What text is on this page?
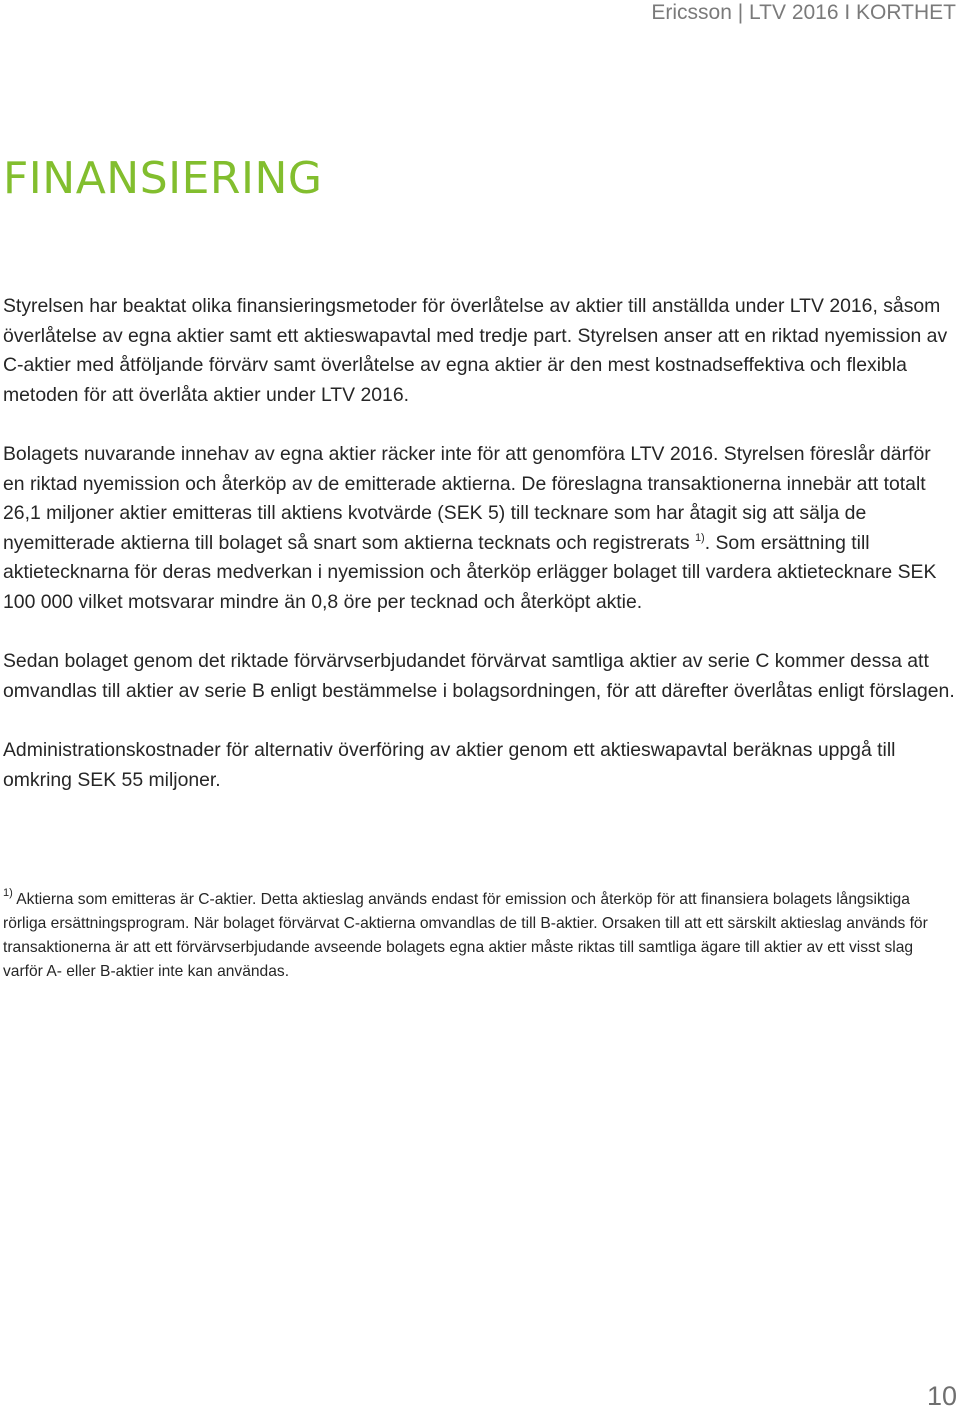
Ericsson | LTV 2016 I KORTHET
FINANSIERING

Styrelsen har beaktat olika finansieringsmetoder för överlåtelse av aktier till anställda under LTV 2016, såsom överlåtelse av egna aktier samt ett aktieswapavtal med tredje part. Styrelsen anser att en riktad nyemission av C-aktier med åtföljande förvärv samt överlåtelse av egna aktier är den mest kostnadseffektiva och flexibla metoden för att överlåta aktier under LTV 2016.

Bolagets nuvarande innehav av egna aktier räcker inte för att genomföra LTV 2016. Styrelsen föreslår därför en riktad nyemission och återköp av de emitterade aktierna. De föreslagna transaktionerna innebär att totalt 26,1 miljoner aktier emitteras till aktiens kvotvärde (SEK 5) till tecknare som har åtagit sig att sälja de nyemitterade aktierna till bolaget så snart som aktierna tecknats och registrerats $^{1)}$. Som ersättning till aktietecknarna för deras medverkan i nyemission och återköp erlägger bolaget till vardera aktietecknare SEK 100 000 vilket motsvarar mindre än 0,8 öre per tecknad och återköpt aktie.

Sedan bolaget genom det riktade förvärvserbjudandet förvärvat samtliga aktier av serie C kommer dessa att omvandlas till aktier av serie B enligt bestämmelse i bolagsordningen, för att därefter överlåtas enligt förslagen.

Administrationskostnader för alternativ överföring av aktier genom ett aktieswapavtal beräknas uppgå till omkring SEK 55 miljoner.

$^{1)}$ Aktierna som emitteras är C-aktier. Detta aktieslag används endast för emission och återköp för att finansiera bolagets långsiktiga rörliga ersättningsprogram. När bolaget förvärvat C-aktierna omvandlas de till B-aktier. Orsaken till att ett särskilt aktieslag används för transaktionerna är att ett förvärvserbjudande avseende bolagets egna aktier måste riktas till samtliga ägare till aktier av ett visst slag varför A- eller B-aktier inte kan användas.

10
